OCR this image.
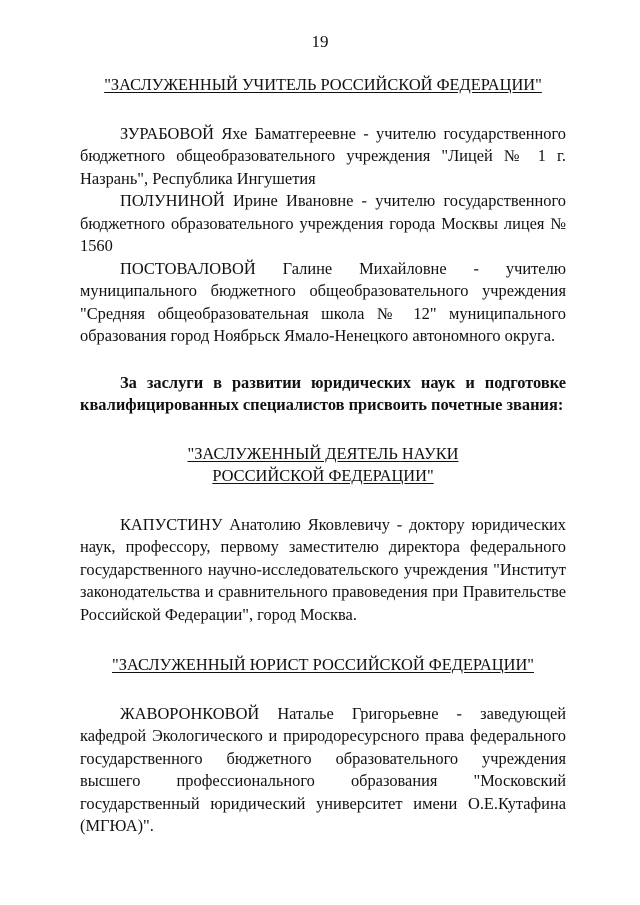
19

"ЗАСЛУЖЕННЫЙ УЧИТЕЛЬ РОССИЙСКОЙ ФЕДЕРАЦИИ"

ЗУРАБОВОЙ Яхе Баматгереевне - учителю государственного бюджетного общеобразовательного учреждения "Лицей № 1 г. Назрань", Республика Ингушетия

ПОЛУНИНОЙ Ирине Ивановне - учителю государственного бюджетного образовательного учреждения города Москвы лицея № 1560

ПОСТОВАЛОВОЙ Галине Михайловне - учителю муниципального бюджетного общеобразовательного учреждения "Средняя общеобразовательная школа № 12" муниципального образования город Ноябрьск Ямало-Ненецкого автономного округа.

За заслуги в развитии юридических наук и подготовке квалифицированных специалистов присвоить почетные звания:

"ЗАСЛУЖЕННЫЙ ДЕЯТЕЛЬ НАУКИ
РОССИЙСКОЙ ФЕДЕРАЦИИ"

КАПУСТИНУ Анатолию Яковлевичу - доктору юридических наук, профессору, первому заместителю директора федерального государственного научно-исследовательского учреждения "Институт законодательства и сравнительного правоведения при Правительстве Российской Федерации", город Москва.

"ЗАСЛУЖЕННЫЙ ЮРИСТ РОССИЙСКОЙ ФЕДЕРАЦИИ"

ЖАВОРОНКОВОЙ Наталье Григорьевне - заведующей кафедрой Экологического и природоресурсного права федерального государственного бюджетного образовательного учреждения высшего профессионального образования "Московский государственный юридический университет имени О.Е.Кутафина (МГЮА)".
